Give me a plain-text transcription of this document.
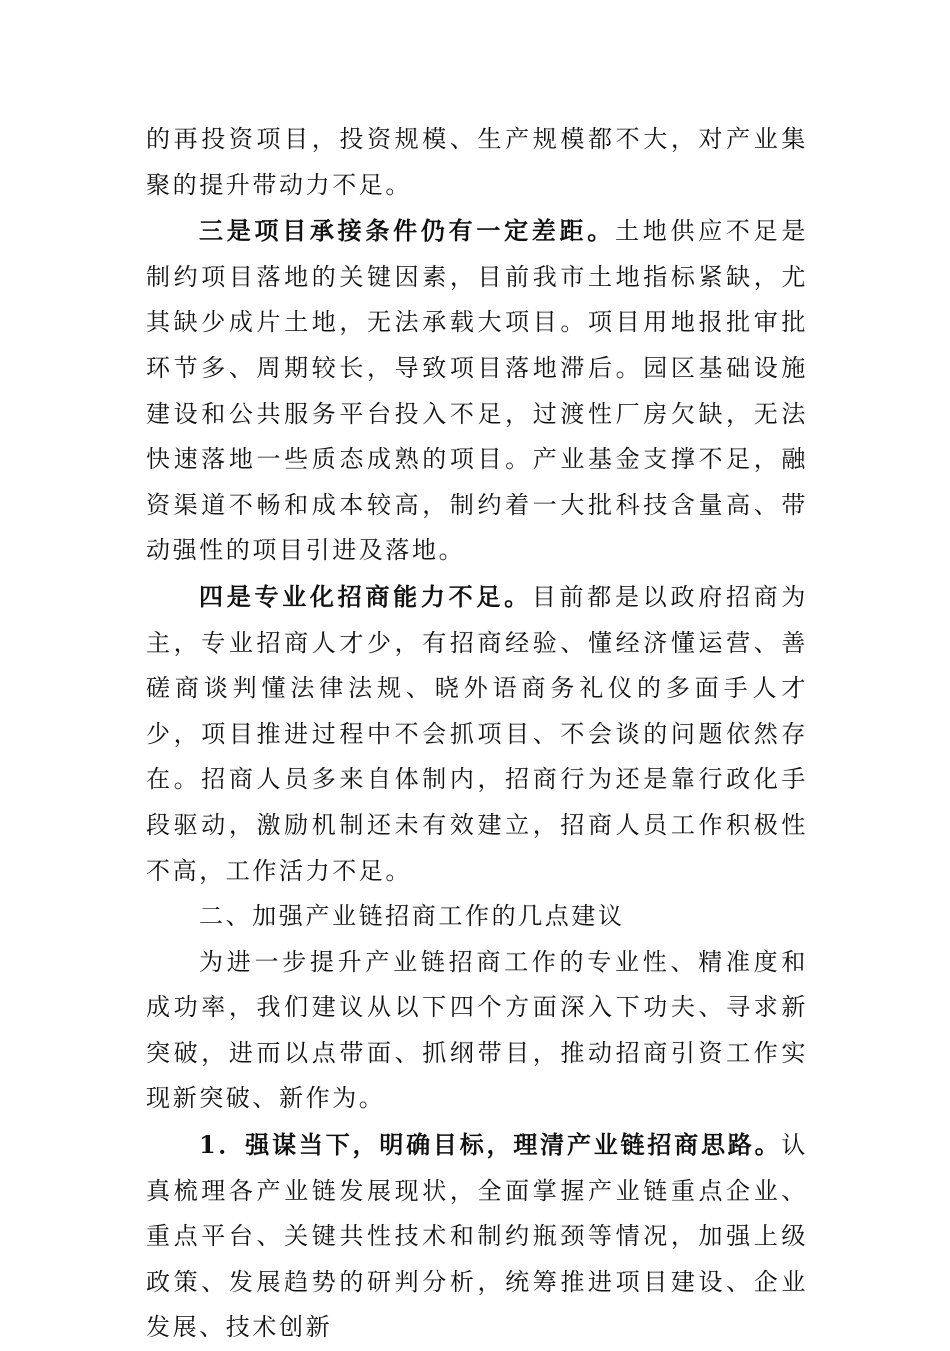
的再投资项目，投资规模、生产规模都不大，对产业集聚的提升带动力不足。

三是项目承接条件仍有一定差距。土地供应不足是制约项目落地的关键因素，目前我市土地指标紧缺，尤其缺少成片土地，无法承载大项目。项目用地报批审批环节多、周期较长，导致项目落地滞后。园区基础设施建设和公共服务平台投入不足，过渡性厂房欠缺，无法快速落地一些质态成熟的项目。产业基金支撑不足，融资渠道不畅和成本较高，制约着一大批科技含量高、带动强性的项目引进及落地。

四是专业化招商能力不足。目前都是以政府招商为主，专业招商人才少，有招商经验、懂经济懂运营、善磋商谈判懂法律法规、晓外语商务礼仪的多面手人才少，项目推进过程中不会抓项目、不会谈的问题依然存在。招商人员多来自体制内，招商行为还是靠行政化手段驱动，激励机制还未有效建立，招商人员工作积极性不高，工作活力不足。

二、加强产业链招商工作的几点建议

为进一步提升产业链招商工作的专业性、精准度和成功率，我们建议从以下四个方面深入下功夫、寻求新突破，进而以点带面、抓纲带目，推动招商引资工作实现新突破、新作为。

1．强谋当下，明确目标，理清产业链招商思路。认真梳理各产业链发展现状，全面掌握产业链重点企业、重点平台、关键共性技术和制约瓶颈等情况，加强上级政策、发展趋势的研判分析，统筹推进项目建设、企业发展、技术创新
